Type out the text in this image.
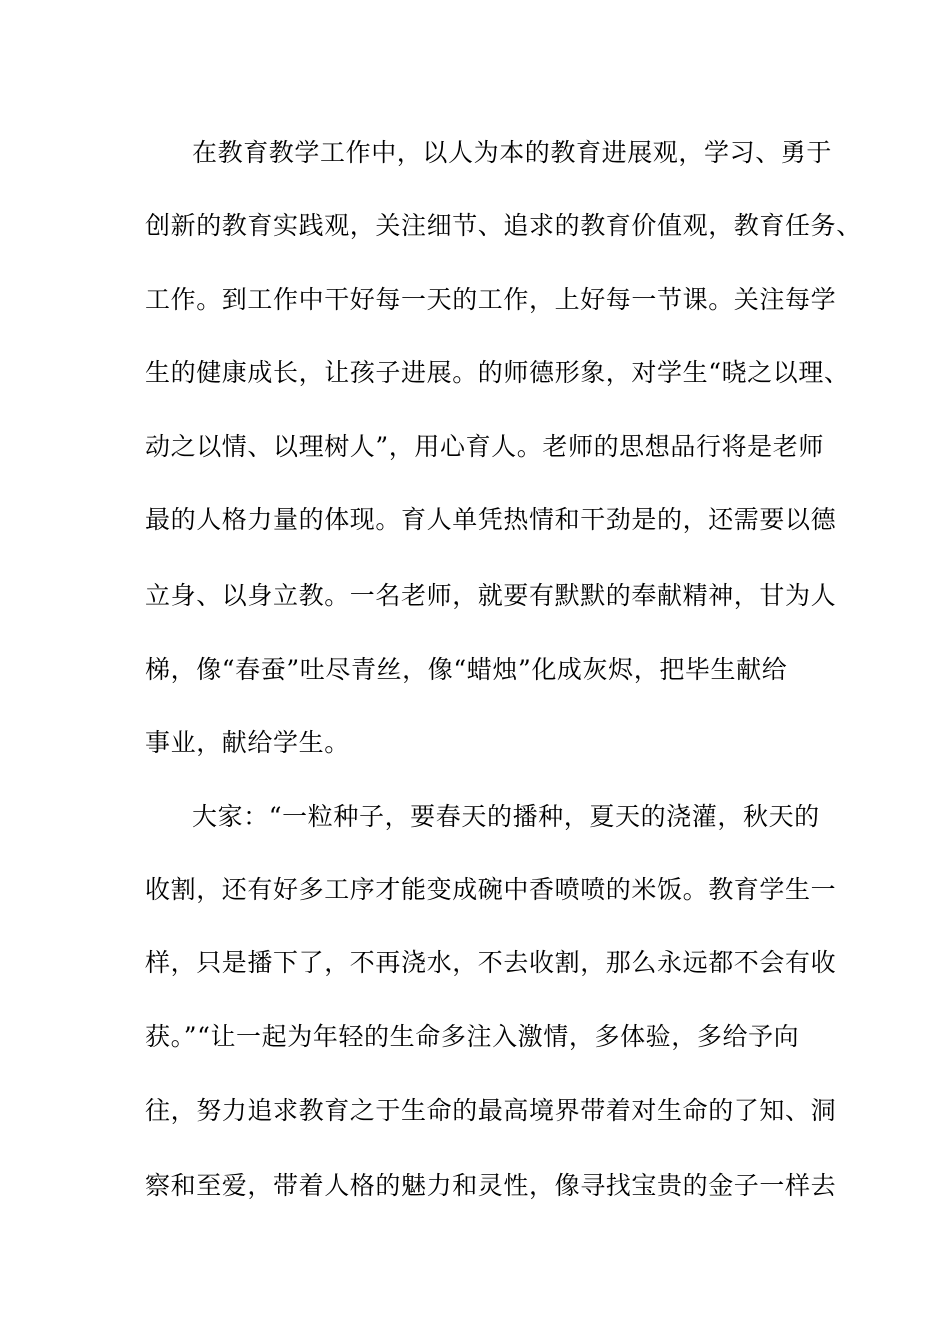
在教育教学工作中，以人为本的教育进展观，学习、勇于
创新的教育实践观，关注细节、追求的教育价值观，教育任务、
工作。到工作中干好每一天的工作，上好每一节课。关注每学
生的健康成长，让孩子进展。的师德形象，对学生“晓之以理、
动之以情、以理树人”，用心育人。老师的思想品行将是老师
最的人格力量的体现。育人单凭热情和干劲是的，还需要以德
立身、以身立教。一名老师，就要有默默的奉献精神，甘为人
梯，像“春蚕”吐尽青丝，像“蜡烛”化成灰烬，把毕生献给
事业，献给学生。
大家：“一粒种子，要春天的播种，夏天的浇灌，秋天的
收割，还有好多工序才能变成碗中香喷喷的米饭。教育学生一
样，只是播下了，不再浇水，不去收割，那么永远都不会有收
获。”“让一起为年轻的生命多注入激情，多体验，多给予向
往，努力追求教育之于生命的最高境界带着对生命的了知、洞
察和至爱，带着人格的魅力和灵性，像寻找宝贵的金子一样去
